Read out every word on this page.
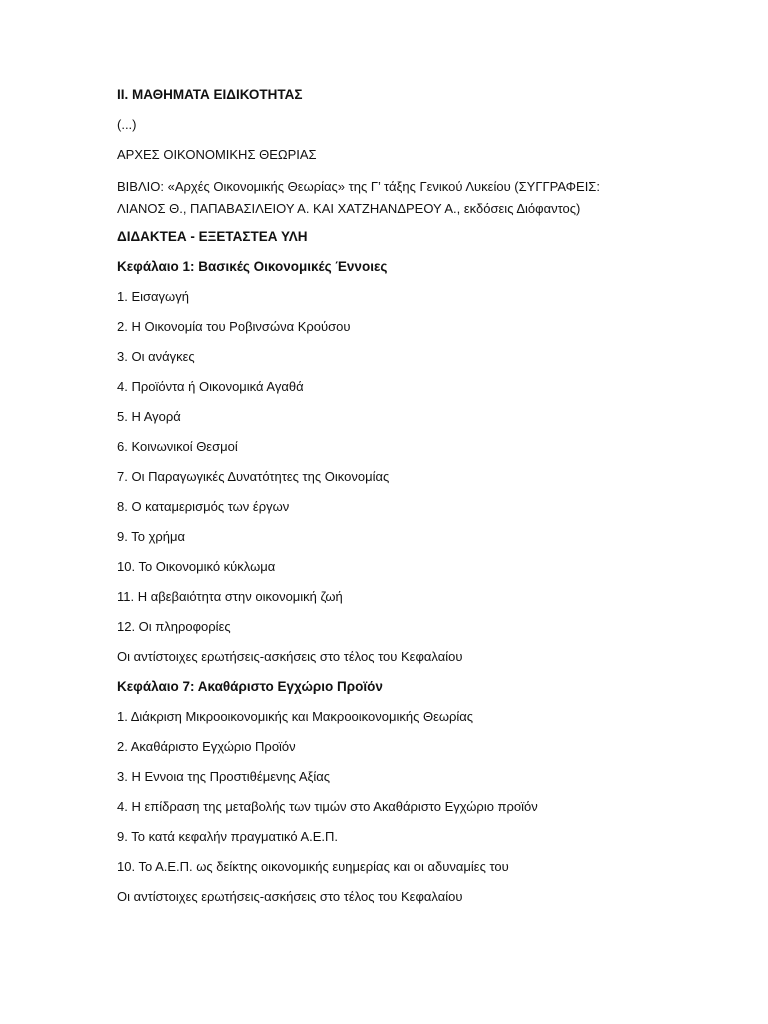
II. ΜΑΘΗΜΑΤΑ ΕΙΔΙΚΟΤΗΤΑΣ
(...)
ΑΡΧΕΣ ΟΙΚΟΝΟΜΙΚΗΣ ΘΕΩΡΙΑΣ
ΒΙΒΛΙΟ: «Αρχές Οικονομικής Θεωρίας» της Γ’ τάξης Γενικού Λυκείου (ΣΥΓΓΡΑΦΕΙΣ:
ΛΙΑΝΟΣ Θ., ΠΑΠΑΒΑΣΙΛΕΙΟΥ Α. ΚΑΙ ΧΑΤΖΗΑΝΔΡΕΟΥ Α., εκδόσεις Διόφαντος)
ΔΙΔΑΚΤΕΑ - ΕΞΕΤΑΣΤΕΑ ΥΛΗ
Κεφάλαιο 1: Βασικές Οικονομικές Έννοιες
1. Εισαγωγή
2. Η Οικονομία του Ροβινσώνα Κρούσου
3. Οι ανάγκες
4. Προϊόντα ή Οικονομικά Αγαθά
5. Η Αγορά
6. Κοινωνικοί Θεσμοί
7. Οι Παραγωγικές Δυνατότητες της Οικονομίας
8. Ο καταμερισμός των έργων
9. Το χρήμα
10. Το Οικονομικό κύκλωμα
11. Η αβεβαιότητα στην οικονομική ζωή
12. Οι πληροφορίες
Οι αντίστοιχες ερωτήσεις-ασκήσεις στο τέλος του Κεφαλαίου
Κεφάλαιο 7: Ακαθάριστο Εγχώριο Προϊόν
1. Διάκριση Μικροοικονομικής και Μακροοικονομικής Θεωρίας
2. Ακαθάριστο Εγχώριο Προϊόν
3. Η Εννοια της Προστιθέμενης Αξίας
4. Η επίδραση της μεταβολής των τιμών στο Ακαθάριστο Εγχώριο προϊόν
9. Το κατά κεφαλήν πραγματικό Α.Ε.Π.
10. Το Α.Ε.Π. ως δείκτης οικονομικής ευημερίας και οι αδυναμίες του
Οι αντίστοιχες ερωτήσεις-ασκήσεις στο τέλος του Κεφαλαίου
